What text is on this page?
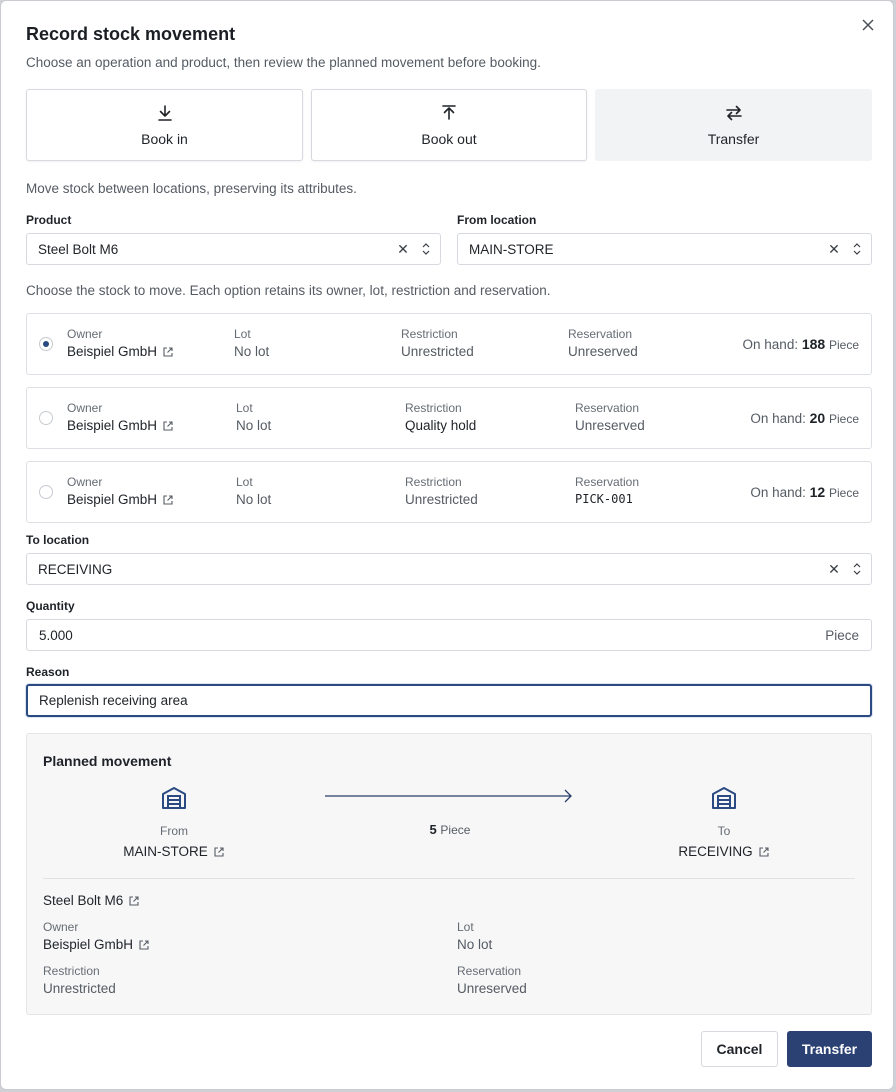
Record stock movement
Choose an operation and product, then review the planned movement before booking.
Book in	Book out	Transfer
Move stock between locations, preserving its attributes.
Product
Steel Bolt M6	✕
From location
MAIN-STORE	✕
Choose the stock to move. Each option retains its owner, lot, restriction and reservation.
Owner
Beispiel GmbH
Lot
No lot
Restriction
Unrestricted
Reservation
Unreserved	On hand: 188 Piece
Owner
Beispiel GmbH
Lot
No lot
Restriction
Quality hold
Reservation
Unreserved	On hand: 20 Piece
Owner
Beispiel GmbH
Lot
No lot
Restriction
Unrestricted
Reservation
PICK-001	On hand: 12 Piece
To location
RECEIVING	✕
Quantity
5.000	Piece
Reason
Replenish receiving area
Planned movement
From
MAIN-STORE
5 Piece	To
RECEIVING
Steel Bolt M6
Owner
Beispiel GmbH
Lot
No lot
Restriction
Unrestricted
Reservation
Unreserved
Cancel	Transfer
